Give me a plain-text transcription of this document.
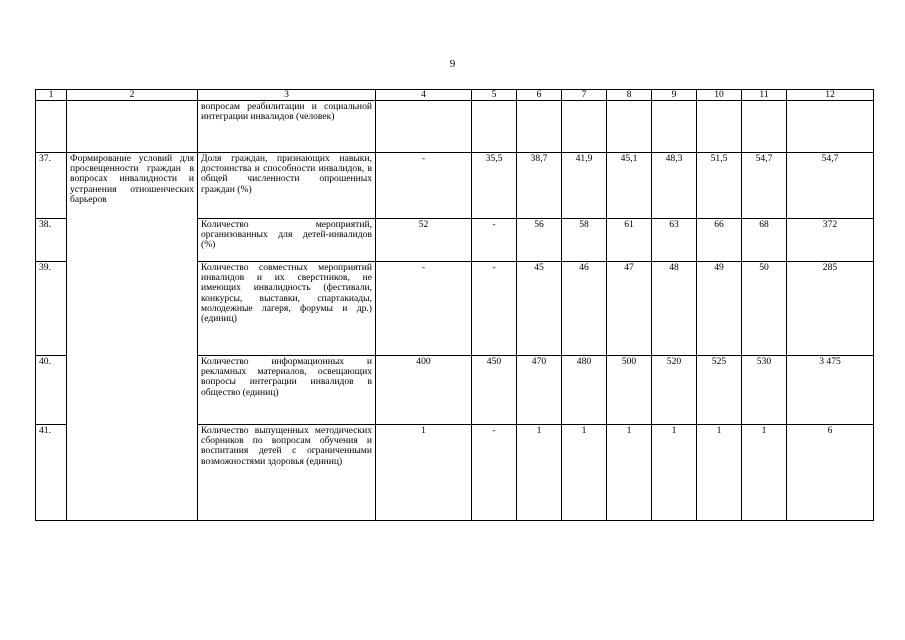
9
1	2	3	4	5	6	7	8	9	10	11	12
		вопросам реабилитации и социальной интеграции инвалидов (человек)									
37.	Формирование условий для просвещенности граждан в вопросах инвалидности и устранения отношенческих барьеров	Доля граждан, признающих навыки, достоинства и способности инвалидов, в общей численности опрошенных граждан (%)	-	35,5	38,7	41,9	45,1	48,3	51,5	54,7	54,7
38.		Количество мероприятий, организованных для детей-инвалидов (%)	52	-	56	58	61	63	66	68	372
39.		Количество совместных мероприятий инвалидов и их сверстников, не имеющих инвалидность (фестивали, конкурсы, выставки, спартакиады, молодежные лагеря, форумы и др.) (единиц)	-	-	45	46	47	48	49	50	285
40.		Количество информационных и рекламных материалов, освещающих вопросы интеграции инвалидов в общество (единиц)	400	450	470	480	500	520	525	530	3 475
41.		Количество выпущенных методических сборников по вопросам обучения и воспитания детей с ограниченными возможностями здоровья (единиц)	1	-	1	1	1	1	1	1	6
